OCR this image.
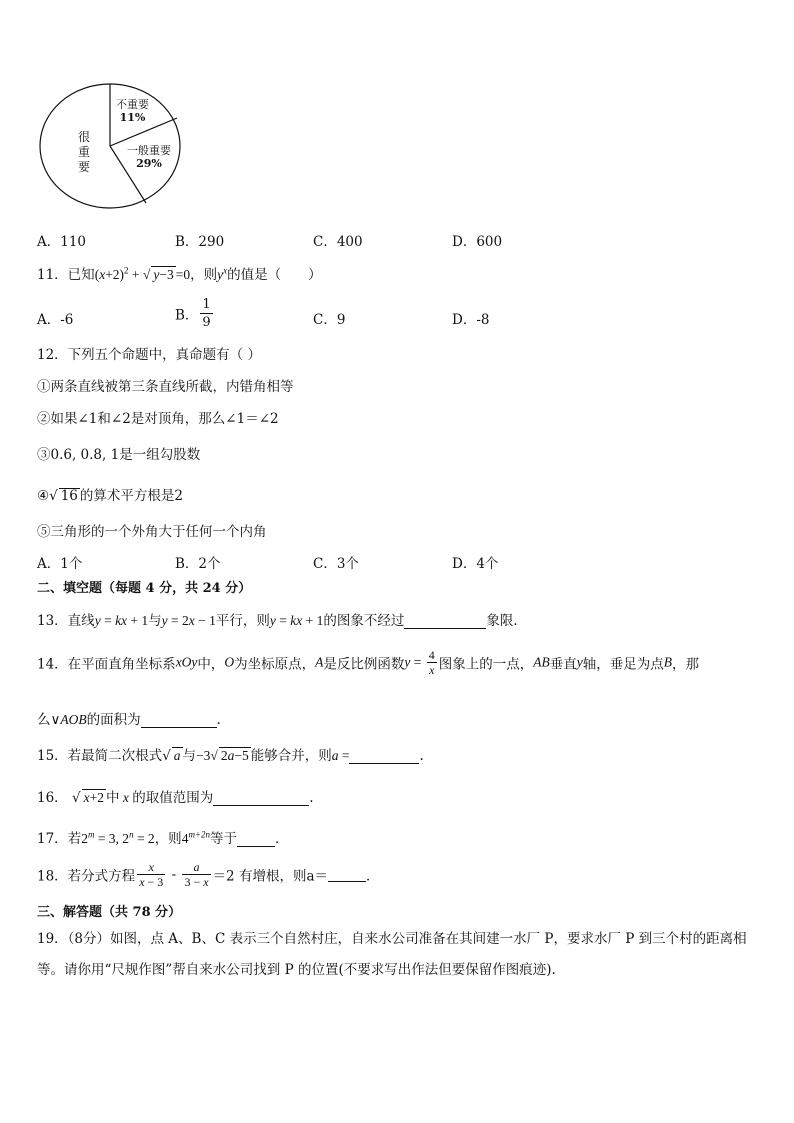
不重要
11%
一般重要
29%
很
重
要
A．110	B．290	C．400	D．600
11．已知$(x+2)^2$ + √ y−3 =0，则$y^x$的值是（　　）
A．-6	B． $\frac{1}{9}$	C．9	D．-8
12．下列五个命题中，真命题有（ ）
①两条直线被第三条直线所截，内错角相等
②如果∠1和∠2是对顶角，那么∠1＝∠2
③0.6, 0.8, 1是一组勾股数
④√ 16 的算术平方根是2
⑤三角形的一个外角大于任何一个内角
A．1个	B．2个	C．3个	D．4个
二、填空题（每题 4 分，共 24 分）
13．直线y = kx + 1与y = 2x − 1平行，则y = kx + 1的图象不经过	象限．
14．在平面直角坐标系xOy中，O为坐标原点，A是反比例函数$y = \frac{4}{x}$ 图象上的一点，AB垂直y轴，垂足为点B，那
么∨AOB的面积为	．
15．若最简二次根式√ a 与−3√ 2a−5 能够合并，则a =	.
16． √ x+2 中 x 的取值范围为	.
17．若$2^m = 3$, $2^n = 2$，则$4^{m+2n}$等于	．
18．若分式方程 $\frac{x}{x - 3} - \frac{a}{3 - x} =2$ 有增根，则a＝	．
三、解答题（共 78 分）
19．（8分）如图，点 A、B、C 表示三个自然村庄，自来水公司准备在其间建一水厂 P，要求水厂 P 到三个村的距离相
等。请你用“尺规作图”帮自来水公司找到 P 的位置(不要求写出作法但要保留作图痕迹).
